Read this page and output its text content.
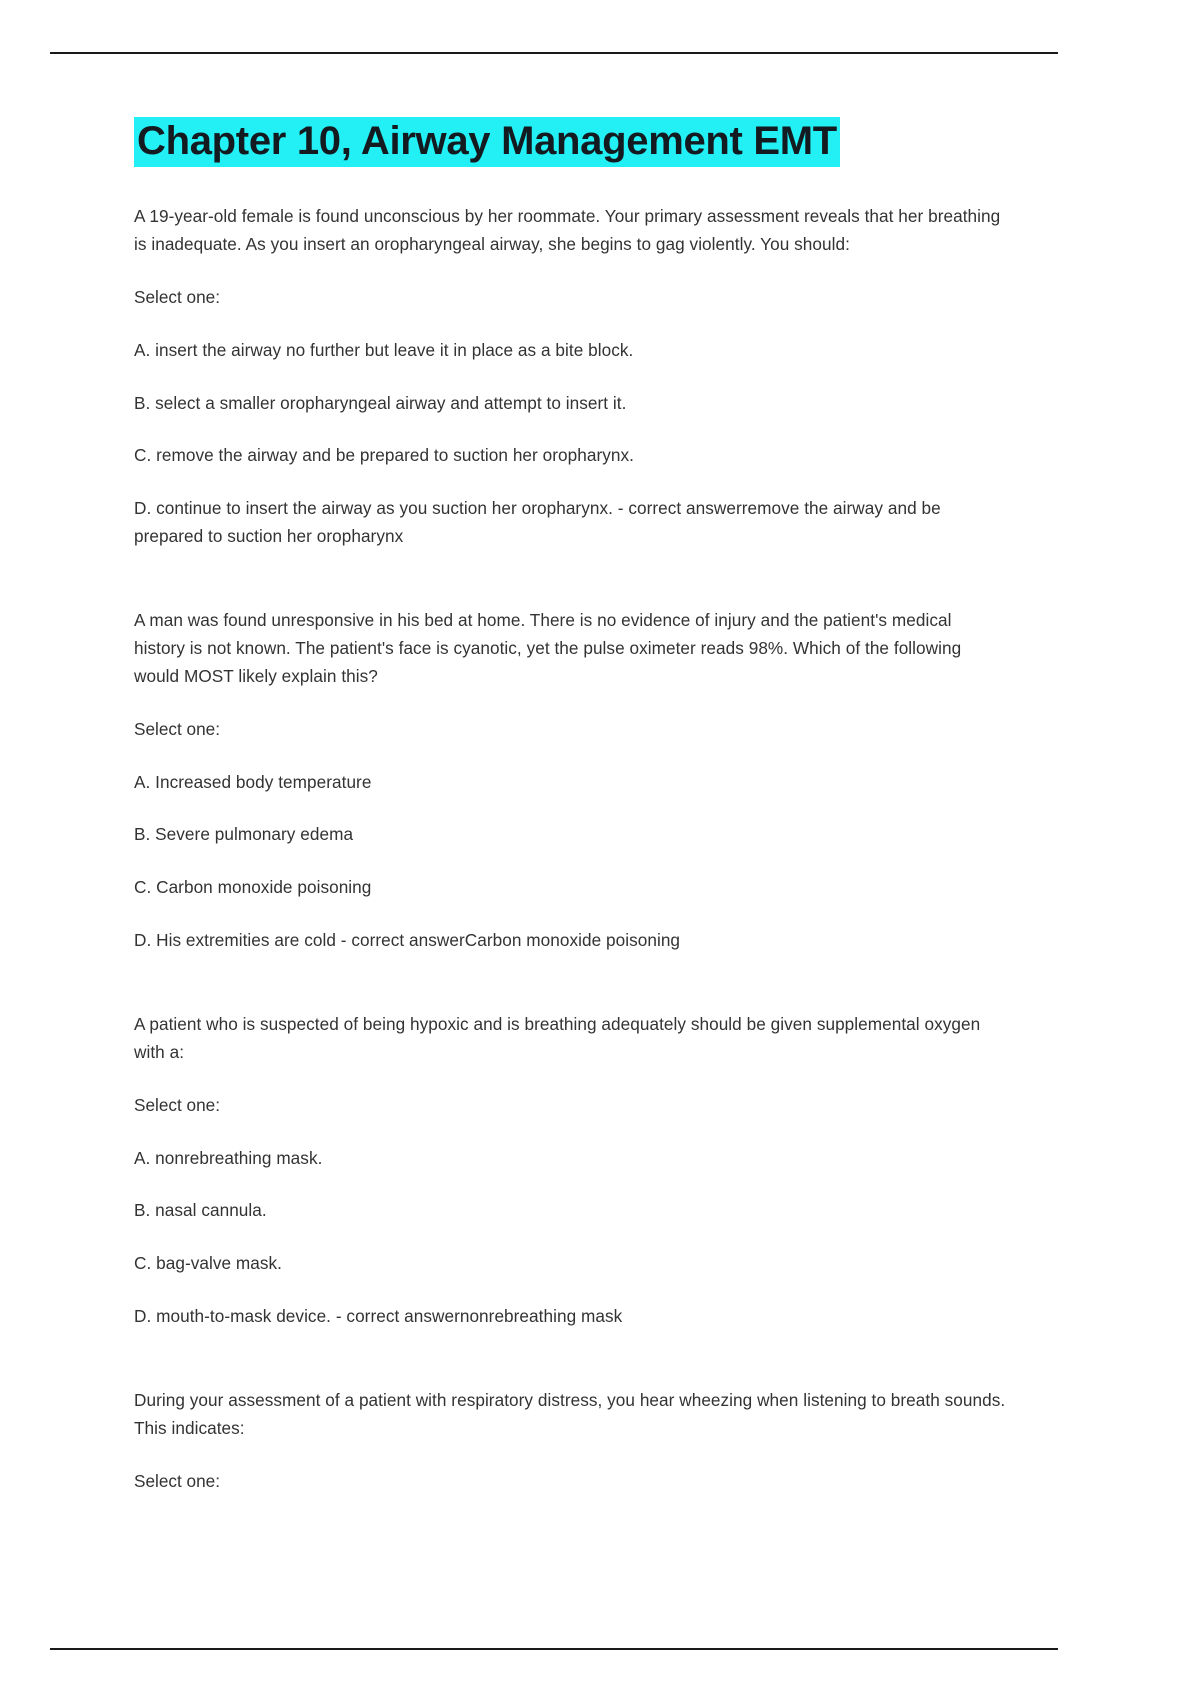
Chapter 10, Airway Management EMT

A 19-year-old female is found unconscious by her roommate. Your primary assessment reveals that her breathing is inadequate. As you insert an oropharyngeal airway, she begins to gag violently. You should:

Select one:

A. insert the airway no further but leave it in place as a bite block.

B. select a smaller oropharyngeal airway and attempt to insert it.

C. remove the airway and be prepared to suction her oropharynx.

D. continue to insert the airway as you suction her oropharynx. - correct answerremove the airway and be prepared to suction her oropharynx

A man was found unresponsive in his bed at home. There is no evidence of injury and the patient's medical history is not known. The patient's face is cyanotic, yet the pulse oximeter reads 98%. Which of the following would MOST likely explain this?

Select one:

A. Increased body temperature

B. Severe pulmonary edema

C. Carbon monoxide poisoning

D. His extremities are cold - correct answerCarbon monoxide poisoning

A patient who is suspected of being hypoxic and is breathing adequately should be given supplemental oxygen with a:

Select one:

A. nonrebreathing mask.

B. nasal cannula.

C. bag-valve mask.

D. mouth-to-mask device. - correct answernonrebreathing mask

During your assessment of a patient with respiratory distress, you hear wheezing when listening to breath sounds. This indicates:

Select one:
